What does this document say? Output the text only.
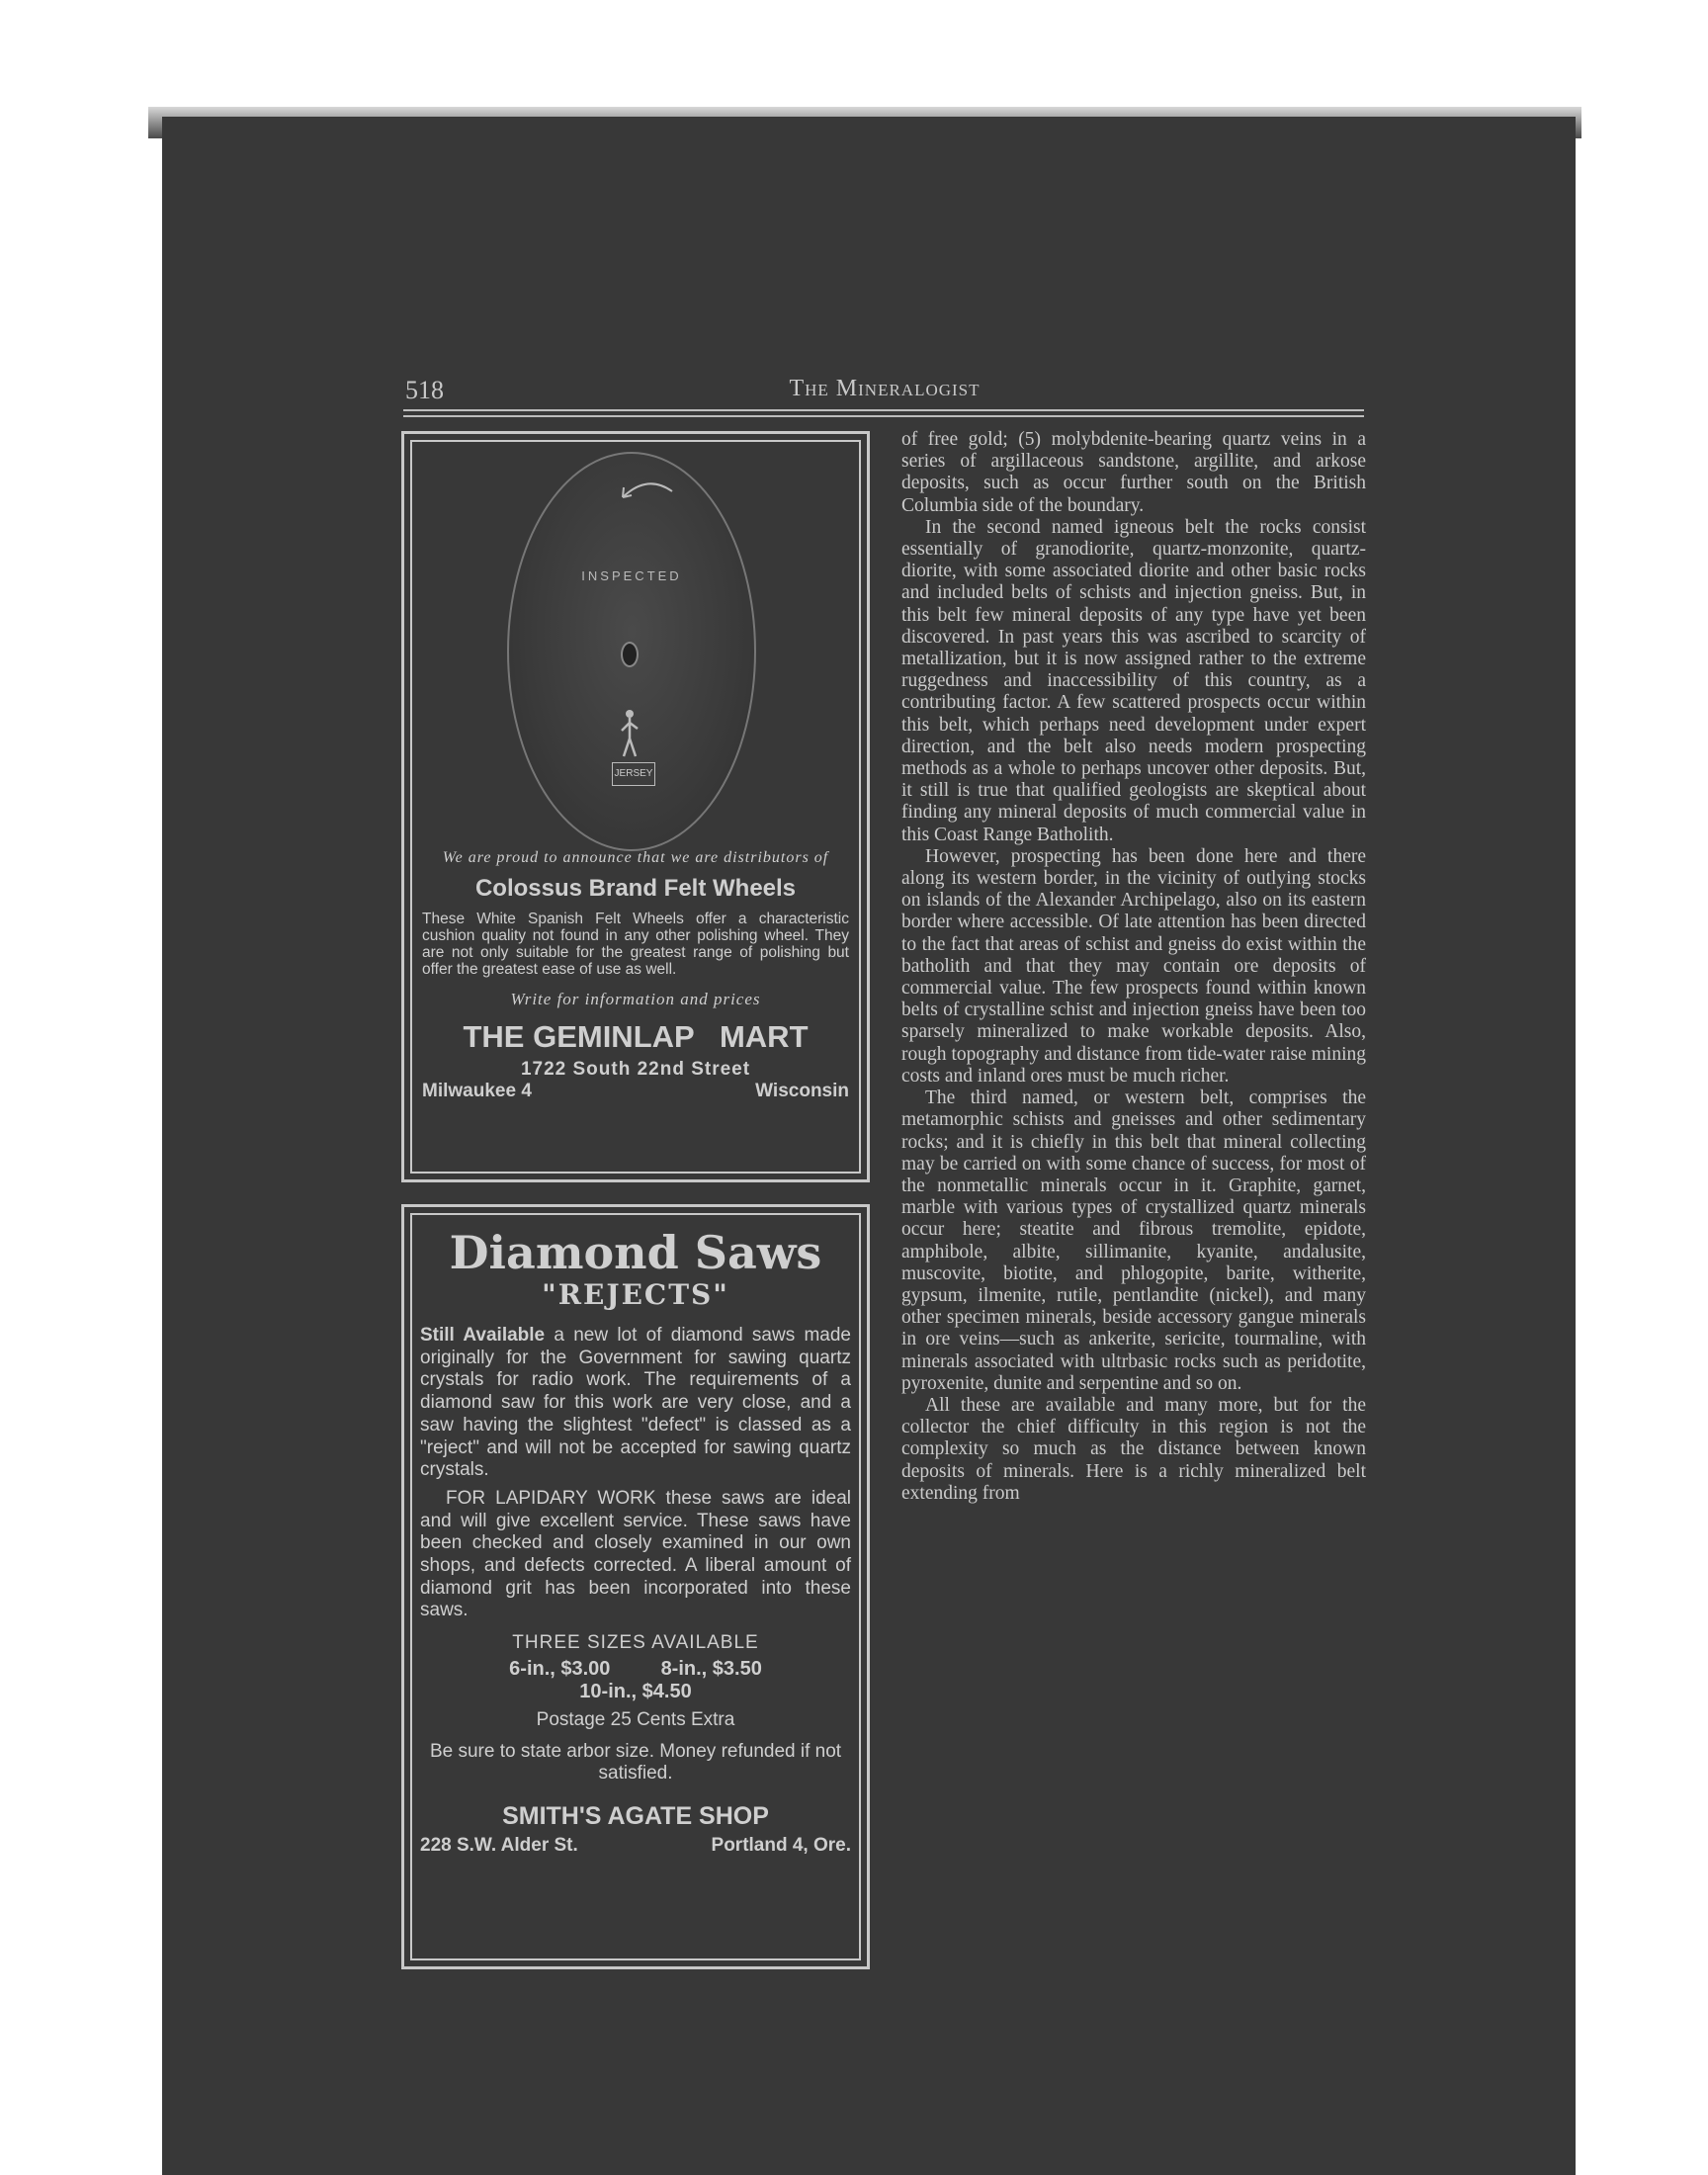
518	The Mineralogist
INSPECTED
JERSEY
We are proud to announce that we are distributors of
Colossus Brand Felt Wheels
These White Spanish Felt Wheels offer a characteristic cushion quality not found in any other polishing wheel. They are not only suitable for the greatest range of polishing but offer the greatest ease of use as well.
Write for information and prices
THE GEMINLAP   MART
1722 South 22nd Street
Milwaukee 4	Wisconsin
Diamond Saws
"REJECTS"
Still Available a new lot of diamond saws made originally for the Government for sawing quartz crystals for radio work. The requirements of a diamond saw for this work are very close, and a saw having the slightest "defect" is classed as a "reject" and will not be accepted for sawing quartz crystals.
FOR LAPIDARY WORK these saws are ideal and will give excellent service. These saws have been checked and closely examined in our own shops, and defects corrected. A liberal amount of diamond grit has been incorporated into these saws.
THREE SIZES AVAILABLE
6-in., $3.00	8-in., $3.50
10-in., $4.50
Postage 25 Cents Extra
Be sure to state arbor size. Money refunded if not satisfied.
SMITH'S AGATE SHOP
228 S.W. Alder St.	Portland 4, Ore.

of free gold; (5) molybdenite-bearing quartz veins in a series of argillaceous sandstone, argillite, and arkose deposits, such as occur further south on the British Columbia side of the boundary.

In the second named igneous belt the rocks consist essentially of granodiorite, quartz-monzonite, quartz-diorite, with some associated diorite and other basic rocks and included belts of schists and injection gneiss. But, in this belt few mineral deposits of any type have yet been discovered. In past years this was ascribed to scarcity of metallization, but it is now assigned rather to the extreme ruggedness and inaccessibility of this country, as a contributing factor. A few scattered prospects occur within this belt, which perhaps need development under expert direction, and the belt also needs modern prospecting methods as a whole to perhaps uncover other deposits. But, it still is true that qualified geologists are skeptical about finding any mineral deposits of much commercial value in this Coast Range Batholith.

However, prospecting has been done here and there along its western border, in the vicinity of outlying stocks on islands of the Alexander Archipelago, also on its eastern border where accessible. Of late attention has been directed to the fact that areas of schist and gneiss do exist within the batholith and that they may contain ore deposits of commercial value. The few prospects found within known belts of crystalline schist and injection gneiss have been too sparsely mineralized to make workable deposits. Also, rough topography and distance from tide-water raise mining costs and inland ores must be much richer.

The third named, or western belt, comprises the metamorphic schists and gneisses and other sedimentary rocks; and it is chiefly in this belt that mineral collecting may be carried on with some chance of success, for most of the nonmetallic minerals occur in it. Graphite, garnet, marble with various types of crystallized quartz minerals occur here; steatite and fibrous tremolite, epidote, amphibole, albite, sillimanite, kyanite, andalusite, muscovite, biotite, and phlogopite, barite, witherite, gypsum, ilmenite, rutile, pentlandite (nickel), and many other specimen minerals, beside accessory gangue minerals in ore veins—such as ankerite, sericite, tourmaline, with minerals associated with ultrbasic rocks such as peridotite, pyroxenite, dunite and serpentine and so on.

All these are available and many more, but for the collector the chief difficulty in this region is not the complexity so much as the distance between known deposits of minerals. Here is a richly mineralized belt extending from
